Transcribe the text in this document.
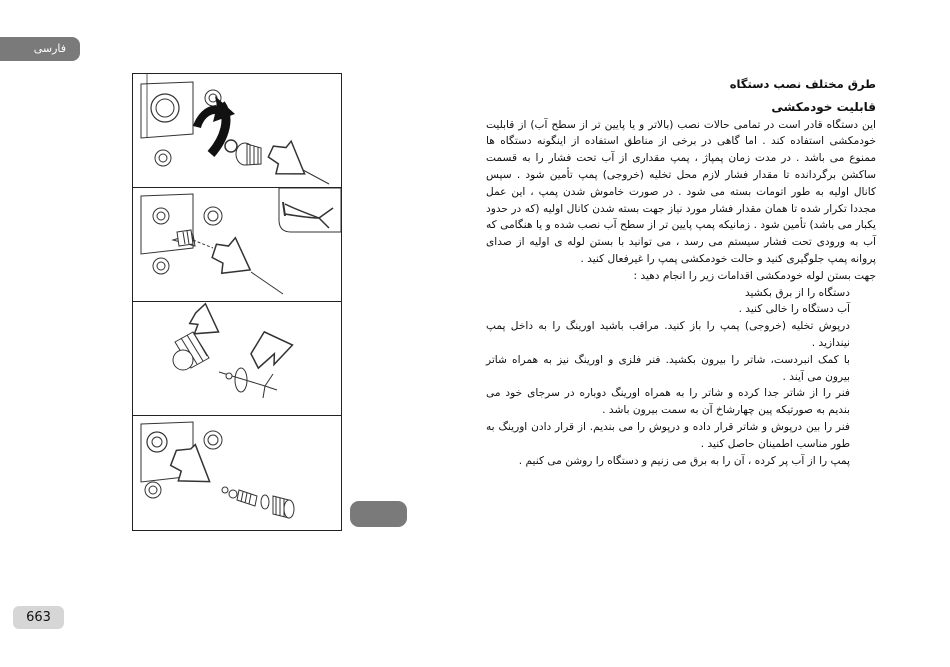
فارسی
طرق مختلف نصب دستگاه
قابلیت خودمکشی

این دستگاه قادر است در تمامی حالات نصب (بالاتر و یا پایین تر از سطح آب) از قابلیت خودمکشی استفاده کند . اما گاهی در برخی از مناطق استفاده از اینگونه دستگاه ها ممنوع می باشد . در مدت زمان پمپاژ ، پمپ مقداری از آب تحت فشار را به قسمت ساکشن برگردانده تا مقدار فشار لازم محل تخلیه (خروجی) پمپ تأمین شود . سپس کانال اولیه به طور اتومات بسته می شود . در صورت خاموش شدن پمپ ، این عمل مجددا تکرار شده تا همان مقدار فشار مورد نیاز جهت بسته شدن کانال اولیه (که در حدود یکبار می باشد) تأمین شود . زمانیکه پمپ پایین تر از سطح آب نصب شده و یا هنگامی که آب به ورودی تحت فشار سیستم می رسد ، می توانید با بستن لوله ی اولیه از صدای پروانه پمپ جلوگیری کنید و حالت خودمکشی پمپ را غیرفعال کنید .

جهت بستن لوله خودمکشی اقدامات زیر را انجام دهید :

دستگاه را از برق بکشید
آب دستگاه را خالی کنید .
درپوش تخلیه (خروجی) پمپ را باز کنید. مراقب باشید اورینگ را به داخل پمپ نیندازید .
با کمک انبردست، شاتر را بیرون بکشید. فنر فلزی و اورینگ نیز به همراه شاتر بیرون می آیند .
فنر را از شاتر جدا کرده و شاتر را به همراه اورینگ دوباره در سرجای خود می بندیم به صورتیکه پین چهارشاخ آن به سمت بیرون باشد .
فنر را بین درپوش و شاتر قرار داده و درپوش را می بندیم. از قرار دادن اورینگ به طور مناسب اطمینان حاصل کنید .
پمپ را از آب پر کرده ، آن را به برق می زنیم و دستگاه را روشن می کنیم .
663
